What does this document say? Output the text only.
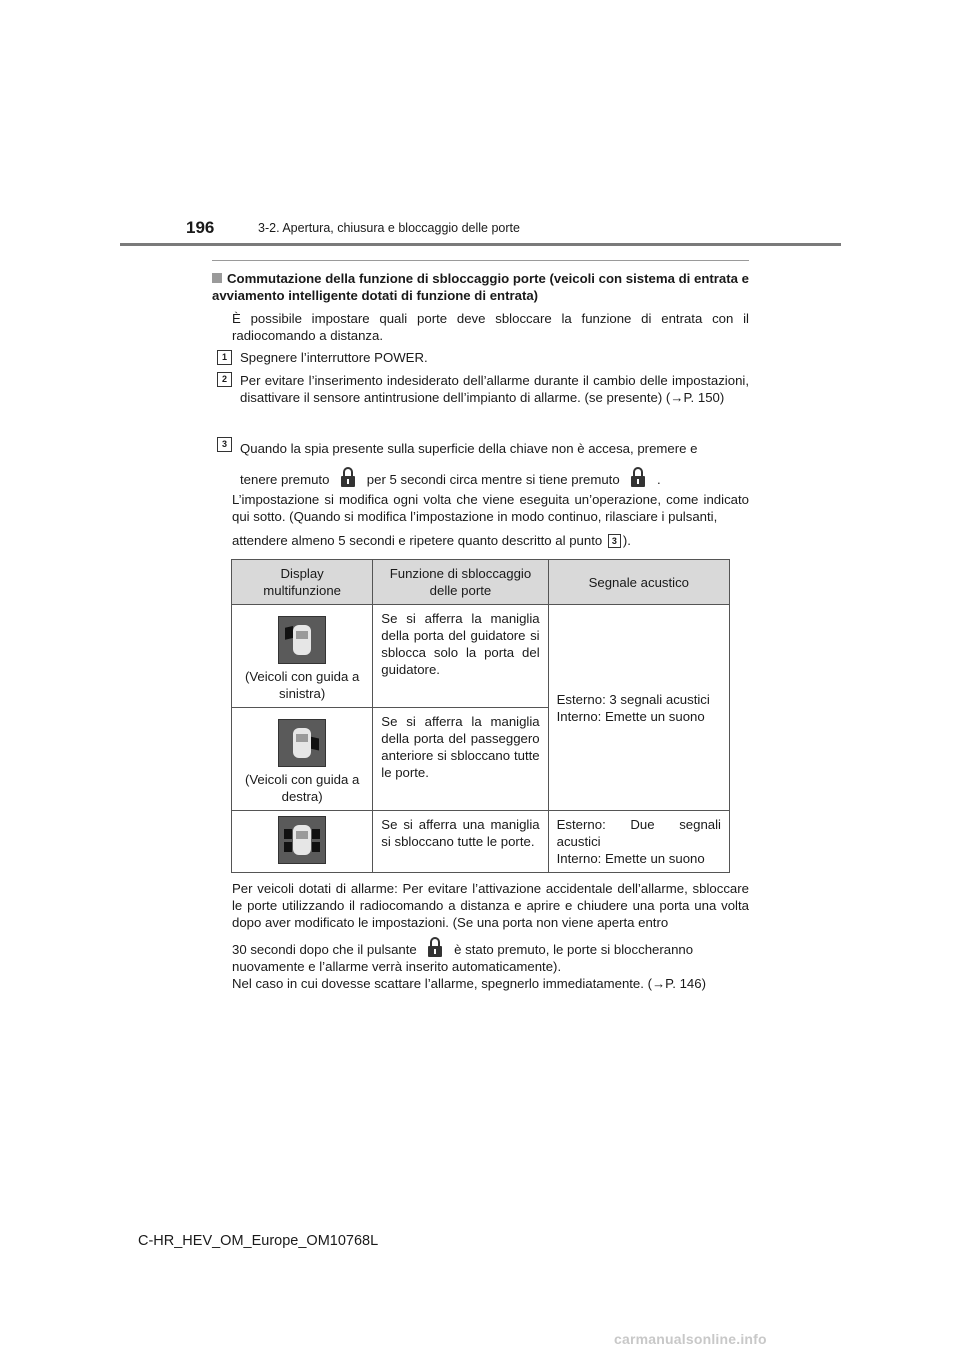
196	3-2. Apertura, chiusura e bloccaggio delle porte
Commutazione della funzione di sbloccaggio porte (veicoli con sistema di entrata e avviamento intelligente dotati di funzione di entrata)
È possibile impostare quali porte deve sbloccare la funzione di entrata con il radiocomando a distanza.
1 Spegnere l’interruttore POWER.
2 Per evitare l’inserimento indesiderato dell’allarme durante il cambio delle impostazioni, disattivare il sensore antintrusione dell’impianto di allarme. (se presente) (→P. 150)
3 Quando la spia presente sulla superficie della chiave non è accesa, premere e
tenere premuto	per 5 secondi circa mentre si tiene premuto	.
L’impostazione si modifica ogni volta che viene eseguita un’operazione, come indicato qui sotto. (Quando si modifica l’impostazione in modo continuo, rilasciare i pulsanti,
attendere almeno 5 secondi e ripetere quanto descritto al punto 3 ).
Display multifunzione	Funzione di sbloccaggio delle porte	Segnale acustico

(Veicoli con guida a sinistra)	Se si afferra la maniglia della porta del guidatore si sblocca solo la porta del guidatore.	Esterno: 3 segnali acustici
Interno: Emette un suono

(Veicoli con guida a destra)	Se si afferra la maniglia della porta del passeggero anteriore si sbloccano tutte le porte.	

	Se si afferra una maniglia si sbloccano tutte le porte.	Esterno: Due segnali acustici
Interno: Emette un suono
Per veicoli dotati di allarme: Per evitare l’attivazione accidentale dell’allarme, sbloccare le porte utilizzando il radiocomando a distanza e aprire e chiudere una porta una volta dopo aver modificato le impostazioni. (Se una porta non viene aperta entro
30 secondi dopo che il pulsante	è stato premuto, le porte si bloccheranno
nuovamente e l’allarme verrà inserito automaticamente).
Nel caso in cui dovesse scattare l’allarme, spegnerlo immediatamente. (→P. 146)
C-HR_HEV_OM_Europe_OM10768L
carmanualsonline.info
